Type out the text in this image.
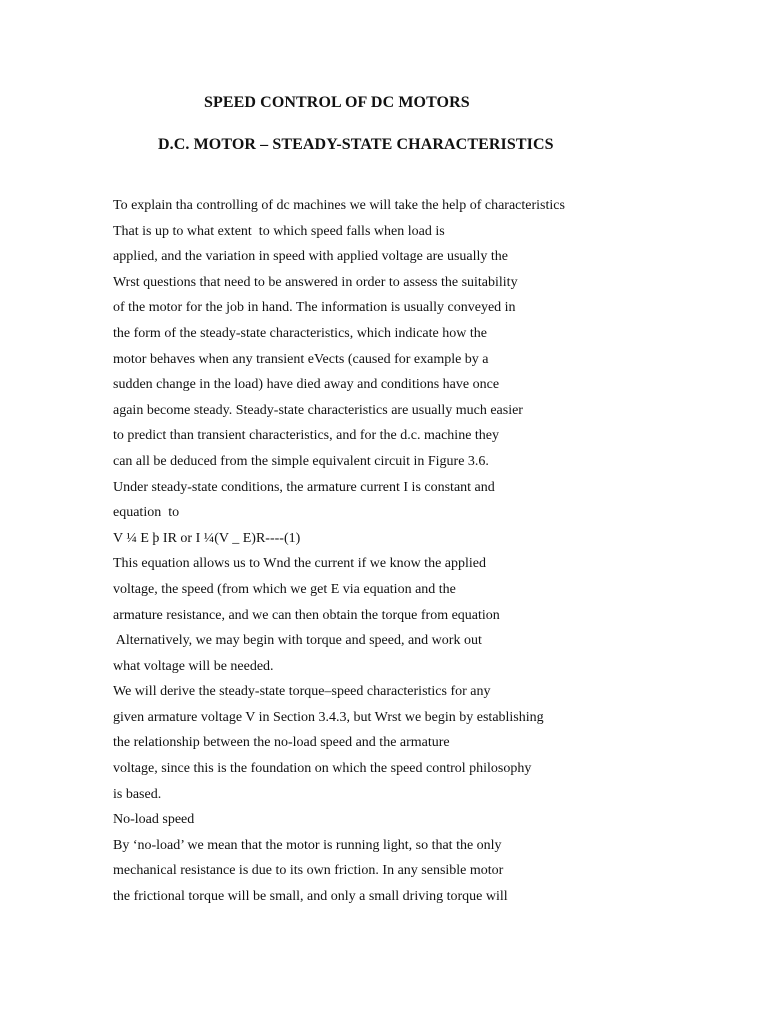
SPEED CONTROL OF DC MOTORS
D.C. MOTOR – STEADY-STATE CHARACTERISTICS
To explain tha controlling of dc machines we will take the help of characteristics
That is up to what extent  to which speed falls when load is
applied, and the variation in speed with applied voltage are usually the
Wrst questions that need to be answered in order to assess the suitability
of the motor for the job in hand. The information is usually conveyed in
the form of the steady-state characteristics, which indicate how the
motor behaves when any transient eVects (caused for example by a
sudden change in the load) have died away and conditions have once
again become steady. Steady-state characteristics are usually much easier
to predict than transient characteristics, and for the d.c. machine they
can all be deduced from the simple equivalent circuit in Figure 3.6.
Under steady-state conditions, the armature current I is constant and
equation  to
V ¼ E þ IR or I ¼(V _ E)R----(1)
This equation allows us to Wnd the current if we know the applied
voltage, the speed (from which we get E via equation and the
armature resistance, and we can then obtain the torque from equation
Alternatively, we may begin with torque and speed, and work out
what voltage will be needed.
We will derive the steady-state torque–speed characteristics for any
given armature voltage V in Section 3.4.3, but Wrst we begin by establishing
the relationship between the no-load speed and the armature
voltage, since this is the foundation on which the speed control philosophy
is based.
No-load speed
By ‘no-load’ we mean that the motor is running light, so that the only
mechanical resistance is due to its own friction. In any sensible motor
the frictional torque will be small, and only a small driving torque will
